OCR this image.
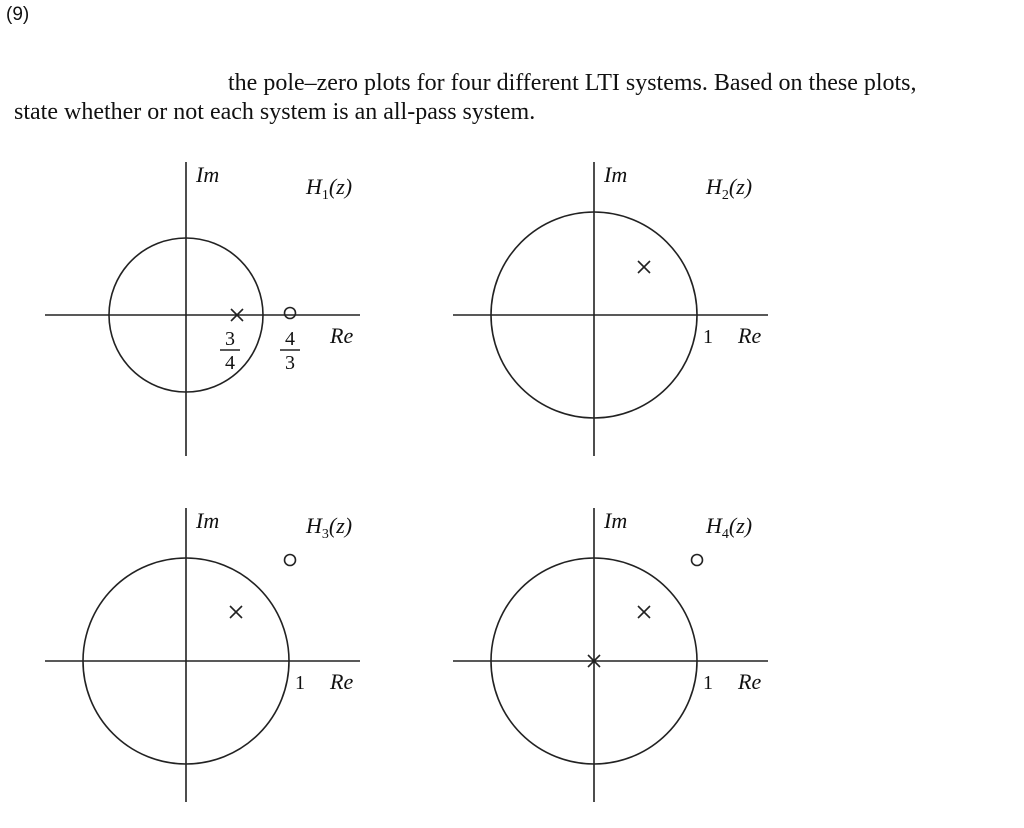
(9)
the pole–zero plots for four different LTI systems. Based on these plots,
state whether or not each system is an all-pass system.
Im	$H_1(z)$
Re
3
4
4
3
Im	$H_2(z)$
1 Re
Im	$H_3(z)$
1 Re
Im	$H_4(z)$
1 Re
